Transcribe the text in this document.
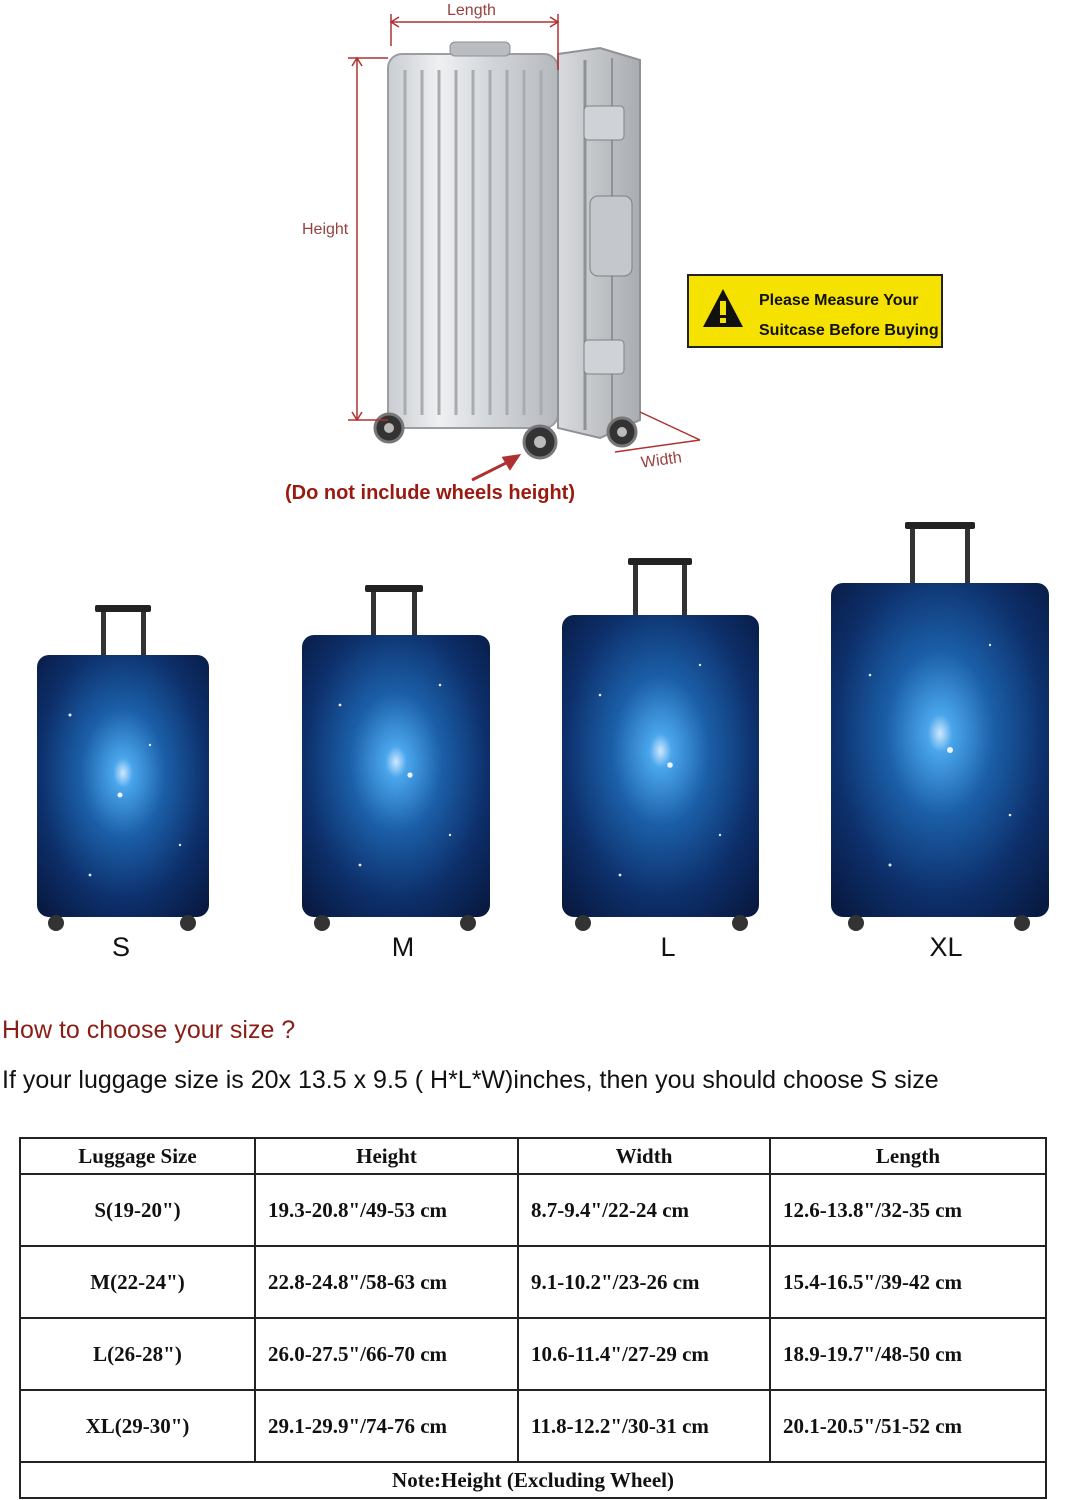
Length
Height
Width
(Do not include wheels height)
Please Measure Your
Suitcase Before Buying
S	M	L	XL
How to choose your size ?
If your luggage size is 20x 13.5 x 9.5 ( H*L*W)inches, then you should choose S size
Luggage Size	Height	Width	Length
S(19-20")	19.3-20.8"/49-53 cm	8.7-9.4"/22-24 cm	12.6-13.8"/32-35 cm
M(22-24")	22.8-24.8"/58-63 cm	9.1-10.2"/23-26 cm	15.4-16.5"/39-42 cm
L(26-28")	26.0-27.5"/66-70 cm	10.6-11.4"/27-29 cm	18.9-19.7"/48-50 cm
XL(29-30")	29.1-29.9"/74-76 cm	11.8-12.2"/30-31 cm	20.1-20.5"/51-52 cm
Note:Height (Excluding Wheel)			
